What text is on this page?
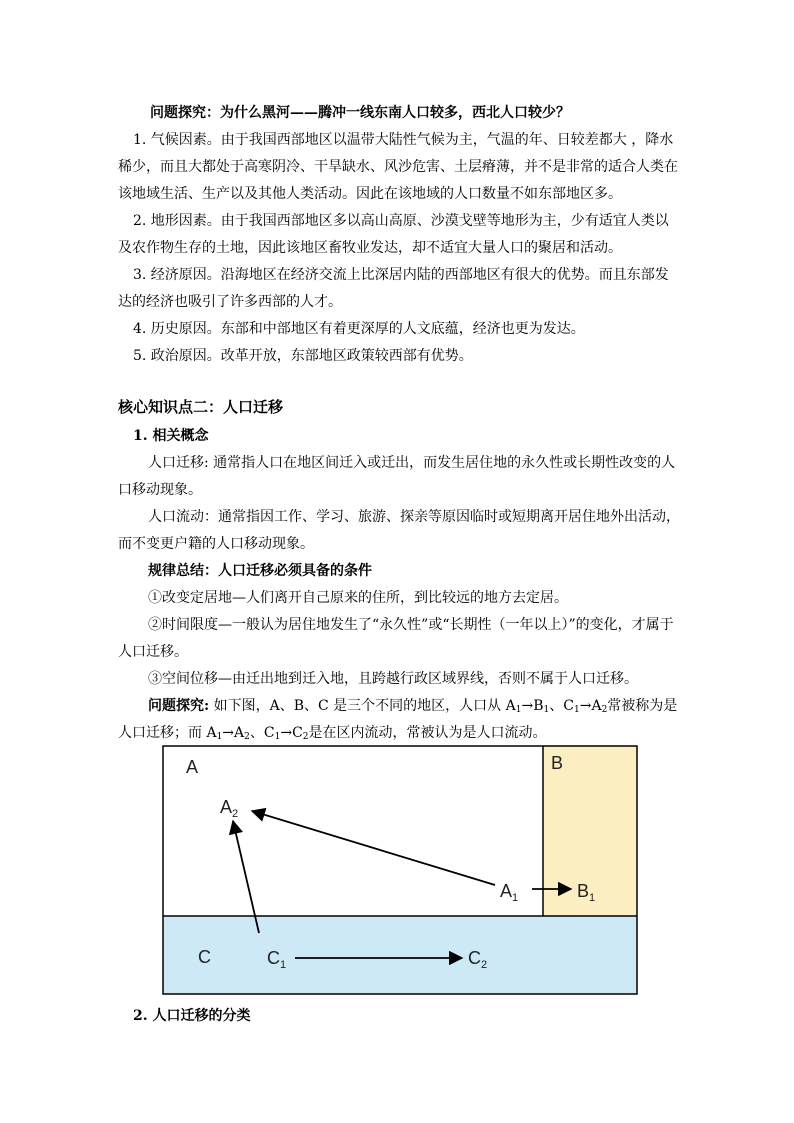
问题探究：为什么黑河——腾冲一线东南人口较多，西北人口较少？
1. 气候因素。由于我国西部地区以温带大陆性气候为主，气温的年、日较差都大 ，降水
稀少，而且大都处于高寒阴冷、干旱缺水、风沙危害、土层瘠薄，并不是非常的适合人类在
该地域生活、生产以及其他人类活动。因此在该地域的人口数量不如东部地区多。
2. 地形因素。由于我国西部地区多以高山高原、沙漠戈壁等地形为主，少有适宜人类以
及农作物生存的土地，因此该地区畜牧业发达，却不适宜大量人口的聚居和活动。
3. 经济原因。沿海地区在经济交流上比深居内陆的西部地区有很大的优势。而且东部发
达的经济也吸引了许多西部的人才。
4. 历史原因。东部和中部地区有着更深厚的人文底蕴，经济也更为发达。
5. 政治原因。改革开放，东部地区政策较西部有优势。
核心知识点二：人口迁移
1. 相关概念
人口迁移: 通常指人口在地区间迁入或迁出，而发生居住地的永久性或长期性改变的人
口移动现象。
人口流动：通常指因工作、学习、旅游、探亲等原因临时或短期离开居住地外出活动，
而不变更户籍的人口移动现象。
规律总结：人口迁移必须具备的条件
①改变定居地—人们离开自己原来的住所，到比较远的地方去定居。
②时间限度—一般认为居住地发生了“永久性”或“长期性（一年以上）”的变化，才属于
人口迁移。
③空间位移—由迁出地到迁入地，且跨越行政区域界线，否则不属于人口迁移。
问题探究: 如下图，A、B、C 是三个不同的地区，人口从 $A_1\to B_1$、$C_1\to A_2$常被称为是
人口迁移；而 $A_1\to A_2$、$C_1\to C_2$是在区内流动，常被认为是人口流动。
A	B
C
$A_2$
$A_1$	$B_1$
$C_1$	$C_2$
2. 人口迁移的分类
